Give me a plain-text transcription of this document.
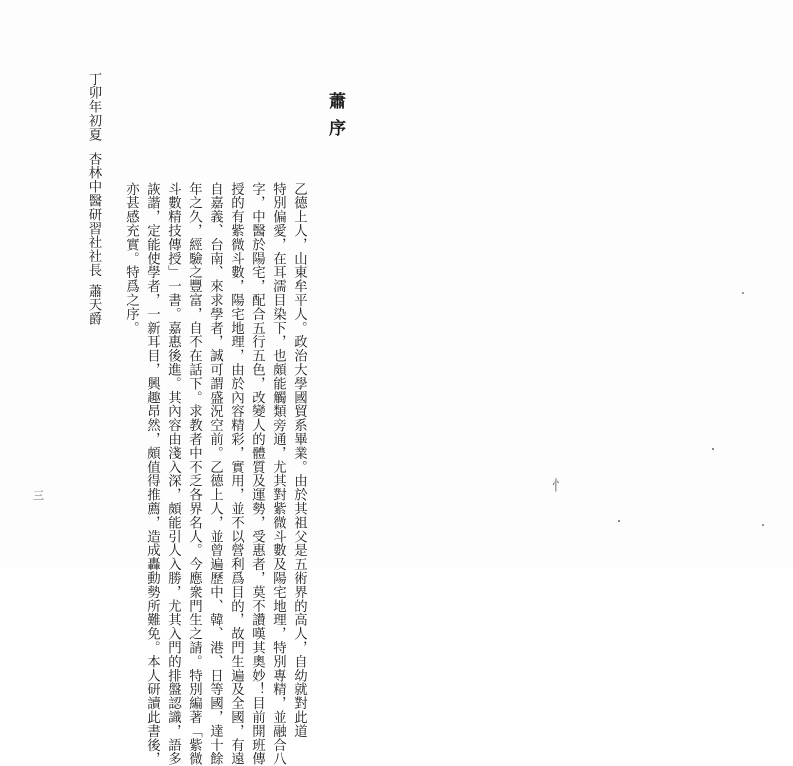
蕭序
乙德上人，山東牟平人。政治大學國貿系畢業。由於其祖父是五術界的高人，自幼就對此道
特別偏愛，在耳濡目染下，也頗能觸類旁通，尤其對紫微斗數及陽宅地理，特別專精，並融合八
字，中醫於陽宅，配合五行五色，改變人的體質及運勢，受惠者，莫不讚嘆其奧妙！目前開班傳
授的有紫微斗數，陽宅地理，由於內容精彩，實用，並不以營利爲目的，故門生遍及全國，有遠
自嘉義、台南、來求學者，誠可謂盛況空前。乙德上人，並曾遍歷中、韓、港、日等國，達十餘
年之久，經驗之豐富，自不在話下。求教者中不乏各界名人。今應衆門生之請。特別編著「紫微
斗數精技傳授」一書。嘉惠後進。其內容由淺入深，頗能引人入勝，尤其入門的排盤認識，語多
詼諧，定能使學者，一新耳目，興趣昂然，頗值得推薦，造成轟動勢所難免。本人研讀此書後，
亦甚感充實。特爲之序。
丁卯年初夏
杏林中醫研習社社長
蕭天爵
三
忄
